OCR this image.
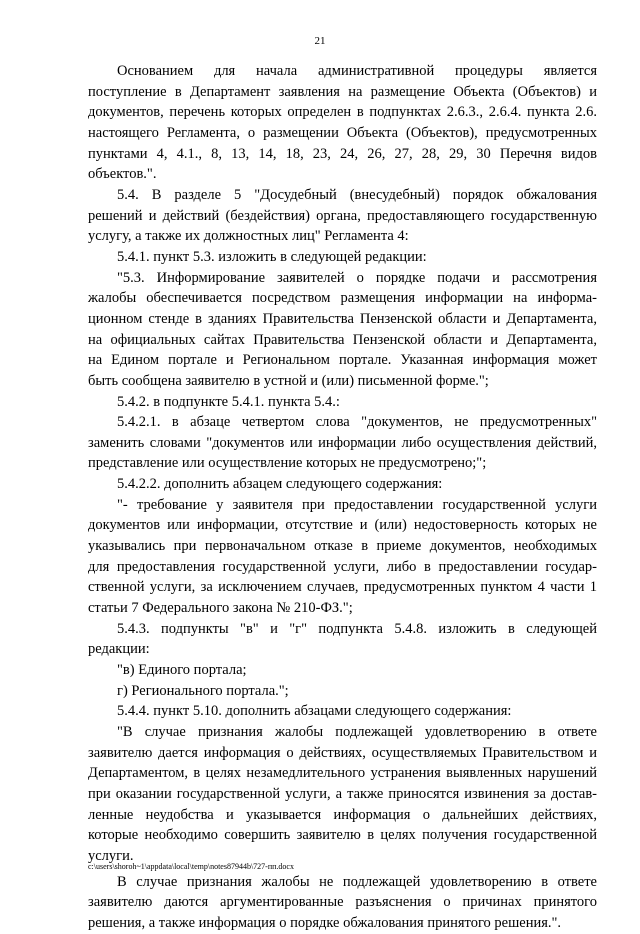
21
Основанием для начала административной процедуры является
поступление в Департамент заявления на размещение Объекта (Объектов) и
документов, перечень которых определен в подпунктах 2.6.3., 2.6.4. пункта 2.6.
настоящего Регламента, о размещении Объекта (Объектов), предусмотренных
пунктами 4, 4.1., 8, 13, 14, 18, 23, 24, 26, 27, 28, 29, 30 Перечня видов
объектов.".
5.4. В разделе 5 "Досудебный (внесудебный) порядок обжалования
решений и действий (бездействия) органа, предоставляющего государственную
услугу, а также их должностных лиц" Регламента 4:
5.4.1. пункт 5.3. изложить в следующей редакции:
"5.3. Информирование заявителей о порядке подачи и рассмотрения
жалобы обеспечивается посредством размещения информации на информа-
ционном стенде в зданиях Правительства Пензенской области и Департамента,
на официальных сайтах Правительства Пензенской области и Департамента,
на Едином портале и Региональном портале. Указанная информация может
быть сообщена заявителю в устной и (или) письменной форме.";
5.4.2. в подпункте 5.4.1. пункта 5.4.:
5.4.2.1. в абзаце четвертом слова "документов, не предусмотренных"
заменить словами "документов или информации либо осуществления действий,
представление или осуществление которых не предусмотрено;";
5.4.2.2. дополнить абзацем следующего содержания:
"- требование у заявителя при предоставлении государственной услуги
документов или информации, отсутствие и (или) недостоверность которых не
указывались при первоначальном отказе в приеме документов, необходимых
для предоставления государственной услуги, либо в предоставлении государ-
ственной услуги, за исключением случаев, предусмотренных пунктом 4 части 1
статьи 7 Федерального закона № 210-ФЗ.";
5.4.3. подпункты "в" и "г" подпункта 5.4.8. изложить в следующей
редакции:
"в) Единого портала;
г) Регионального портала.";
5.4.4. пункт 5.10. дополнить абзацами следующего содержания:
"В случае признания жалобы подлежащей удовлетворению в ответе
заявителю дается информация о действиях, осуществляемых Правительством и
Департаментом, в целях незамедлительного устранения выявленных нарушений
при оказании государственной услуги, а также приносятся извинения за достав-
ленные неудобства и указывается информация о дальнейших действиях,
которые необходимо совершить заявителю в целях получения государственной
услуги.
В случае признания жалобы не подлежащей удовлетворению в ответе
заявителю даются аргументированные разъяснения о причинах принятого
решения, а также информация о порядке обжалования принятого решения.".
c:\users\shoroh~1\appdata\local\temp\notes87944b\727-пп.docx
